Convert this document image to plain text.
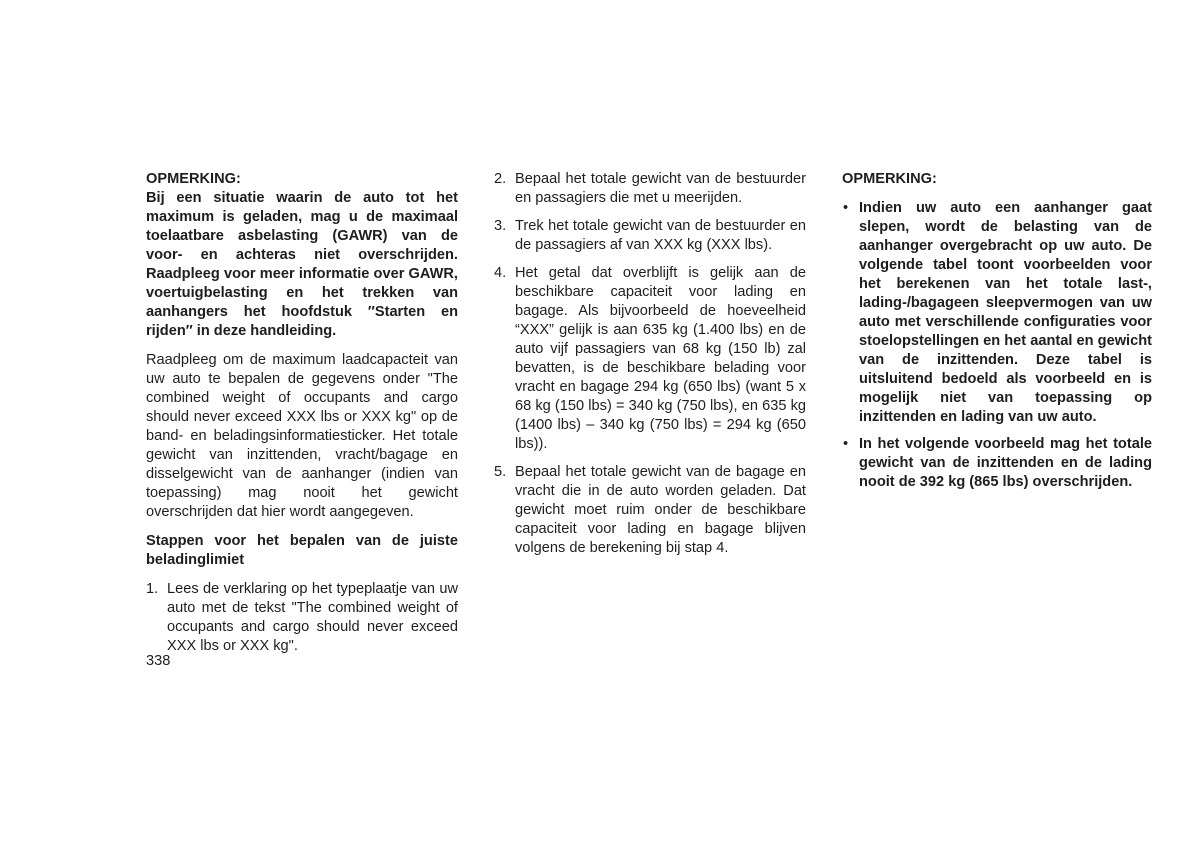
OPMERKING:

Bij een situatie waarin de auto tot het maximum is geladen, mag u de maximaal toelaatbare asbelasting (GAWR) van de voor- en achteras niet overschrijden. Raadpleeg voor meer informatie over GAWR, voertuigbelasting en het trekken van aanhangers het hoofdstuk ″Starten en rijden″ in deze handleiding.

Raadpleeg om de maximum laadcapacteit van uw auto te bepalen de gegevens onder "The combined weight of occupants and cargo should never exceed XXX lbs or XXX kg" op de band- en beladingsinformatiesticker. Het totale gewicht van inzittenden, vracht/bagage en disselgewicht van de aanhanger (indien van toepassing) mag nooit het gewicht overschrijden dat hier wordt aangegeven.

Stappen voor het bepalen van de juiste beladinglimiet

1. Lees de verklaring op het typeplaatje van uw auto met de tekst "The combined weight of occupants and cargo should never exceed XXX lbs or XXX kg".
2. Bepaal het totale gewicht van de bestuurder en passagiers die met u meerijden.
3. Trek het totale gewicht van de bestuurder en de passagiers af van XXX kg (XXX lbs).
4. Het getal dat overblijft is gelijk aan de beschikbare capaciteit voor lading en bagage. Als bijvoorbeeld de hoeveelheid “XXX” gelijk is aan 635 kg (1.400 lbs) en de auto vijf passagiers van 68 kg (150 lb) zal bevatten, is de beschikbare belading voor vracht en bagage 294 kg (650 lbs) (want 5 x 68 kg (150 lbs) = 340 kg (750 lbs), en 635 kg (1400 lbs) – 340 kg (750 lbs) = 294 kg (650 lbs)).
5. Bepaal het totale gewicht van de bagage en vracht die in de auto worden geladen. Dat gewicht moet ruim onder de beschikbare capaciteit voor lading en bagage blijven volgens de berekening bij stap 4.

OPMERKING:

• Indien uw auto een aanhanger gaat slepen, wordt de belasting van de aanhanger overgebracht op uw auto. De volgende tabel toont voorbeelden voor het berekenen van het totale last-, lading-/bagageen sleepvermogen van uw auto met verschillende configuraties voor stoelopstellingen en het aantal en gewicht van de inzittenden. Deze tabel is uitsluitend bedoeld als voorbeeld en is mogelijk niet van toepassing op inzittenden en lading van uw auto.
• In het volgende voorbeeld mag het totale gewicht van de inzittenden en de lading nooit de 392 kg (865 lbs) overschrijden.
338
